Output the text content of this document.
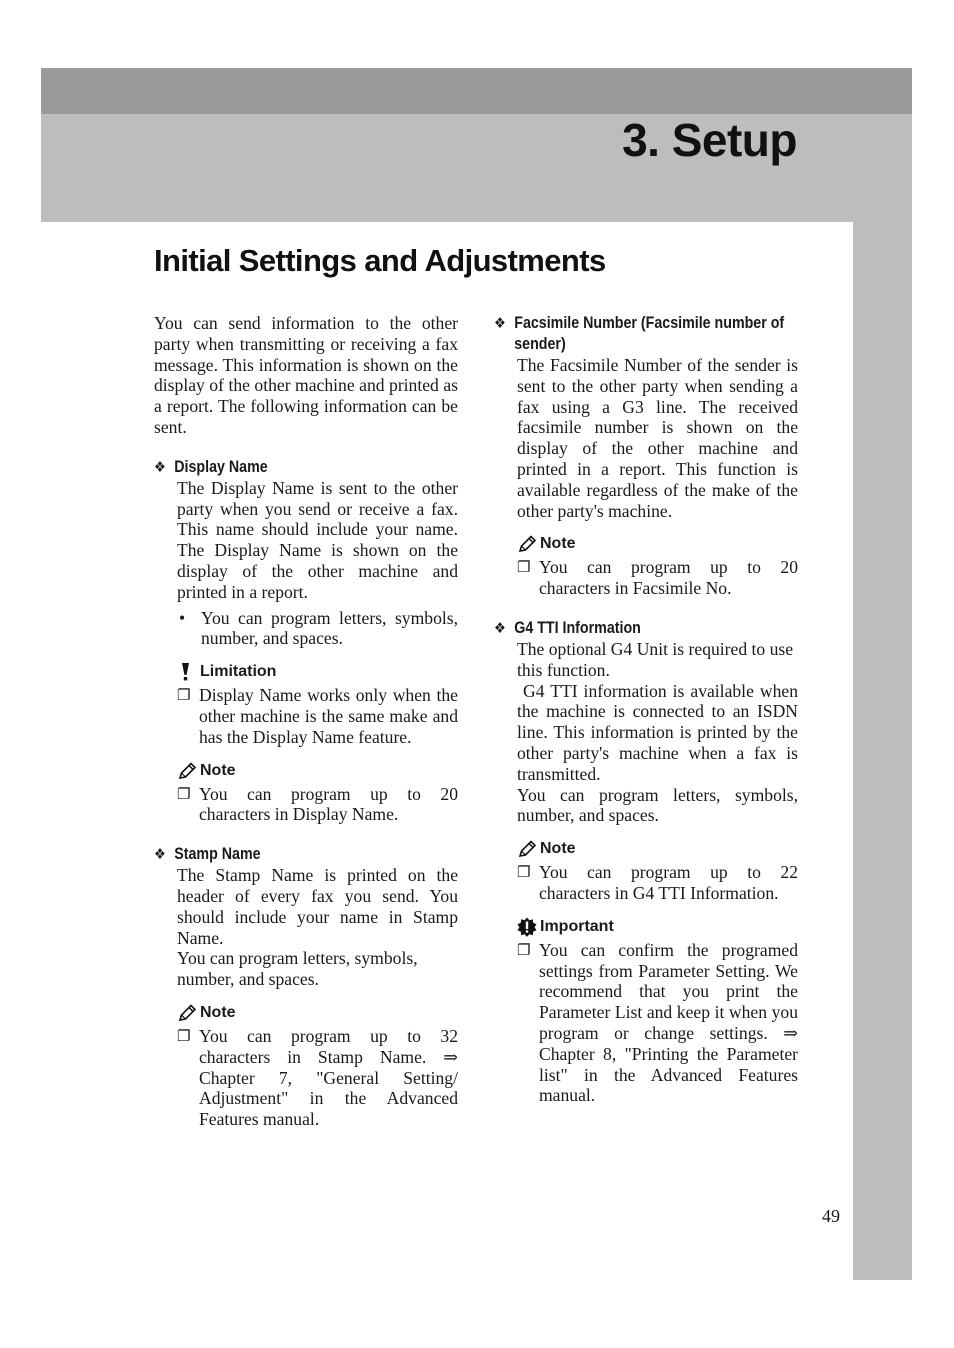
3. Setup
Initial Settings and Adjustments

You can send information to the other party when transmitting or receiving a fax message. This information is shown on the display of the other machine and printed as a report. The following information can be sent.

❖ Display Name

The Display Name is sent to the other party when you send or receive a fax. This name should include your name. The Display Name is shown on the display of the other machine and printed in a report.

• You can program letters, symbols, number, and spaces.
Limitation
❐ Display Name works only when the other machine is the same make and has the Display Name feature.
Note
❐ You can program up to 20 characters in Display Name.
❖ Stamp Name

The Stamp Name is printed on the header of every fax you send. You should include your name in Stamp Name.

You can program letters, symbols, number, and spaces.

Note
❐ You can program up to 32 characters in Stamp Name. ⇒ Chapter 7, "General Setting/ Adjustment" in the Advanced Features manual.
❖ Facsimile Number (Facsimile number of sender)

The Facsimile Number of the sender is sent to the other party when sending a fax using a G3 line. The received facsimile number is shown on the display of the other machine and printed in a report. This function is available regardless of the make of the other party's machine.

Note
❐ You can program up to 20 characters in Facsimile No.
❖ G4 TTI Information

The optional G4 Unit is required to use this function.

G4 TTI information is available when the machine is connected to an ISDN line. This information is printed by the other party's machine when a fax is transmitted.

You can program letters, symbols, number, and spaces.

Note
❐ You can program up to 22 characters in G4 TTI Information.
Important
❐ You can confirm the programed settings from Parameter Setting. We recommend that you print the Parameter List and keep it when you program or change settings. ⇒ Chapter 8, "Printing the Parameter list" in the Advanced Features manual.

49
